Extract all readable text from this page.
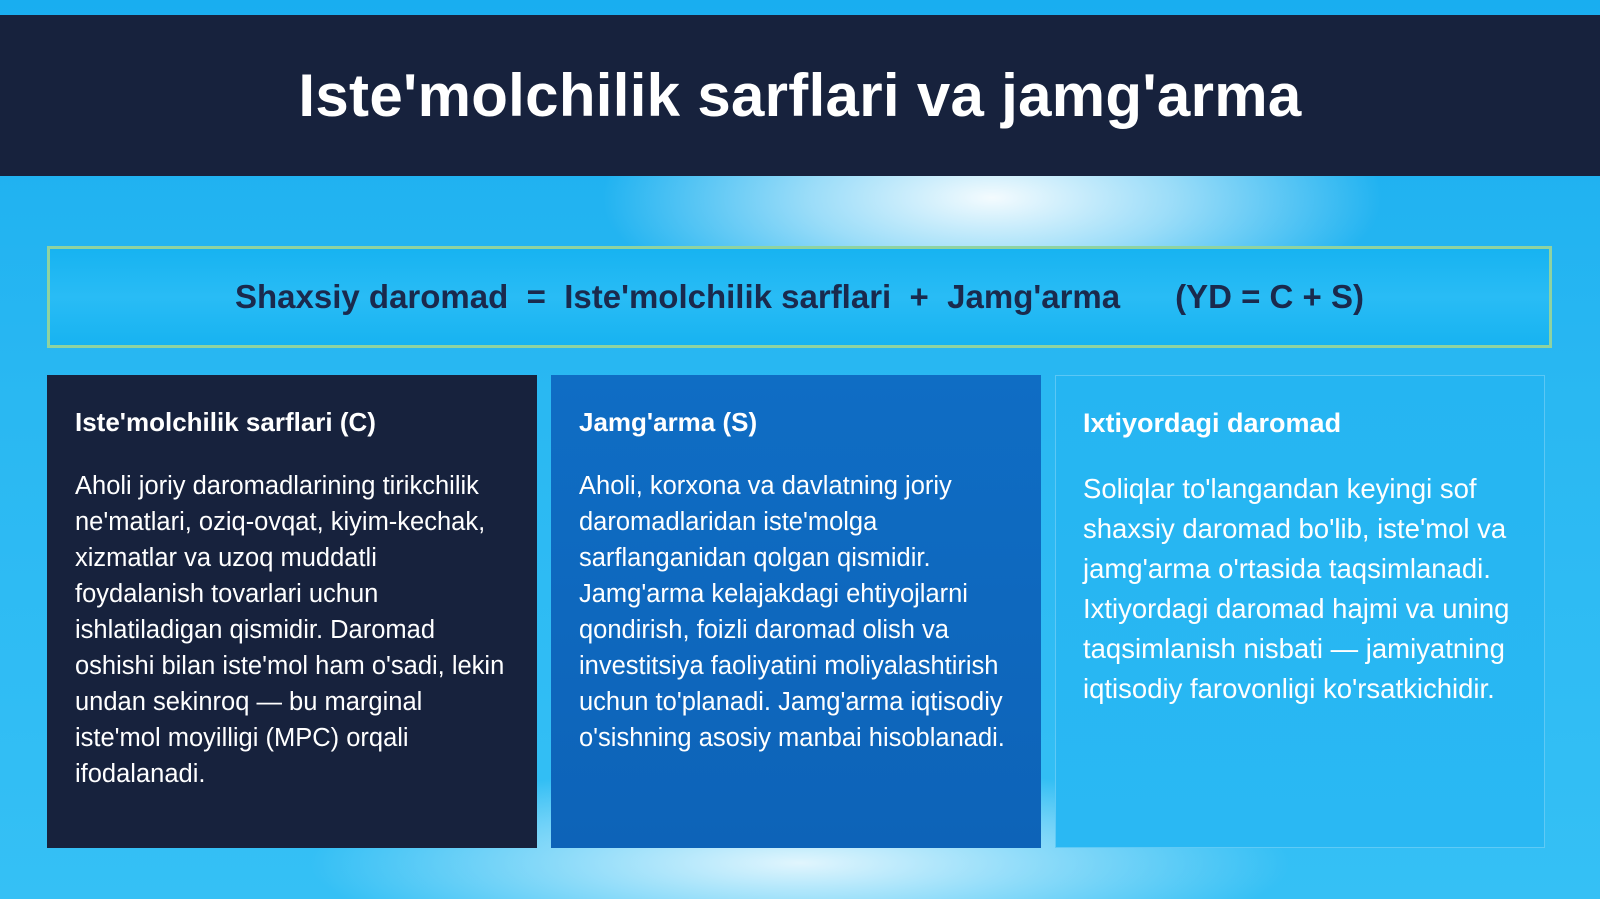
Iste'molchilik sarflari va jamg'arma
Shaxsiy daromad  =  Iste'molchilik sarflari  +  Jamg'arma      (YD = C + S)
Iste'molchilik sarflari (C)

Aholi joriy daromadlarining tirikchilik ne'matlari, oziq-ovqat, kiyim-kechak, xizmatlar va uzoq muddatli foydalanish tovarlari uchun ishlatiladigan qismidir. Daromad oshishi bilan iste'mol ham o'sadi, lekin undan sekinroq — bu marginal iste'mol moyilligi (MPC) orqali ifodalanadi.

Jamg'arma (S)

Aholi, korxona va davlatning joriy daromadlaridan iste'molga sarflanganidan qolgan qismidir. Jamg'arma kelajakdagi ehtiyojlarni qondirish, foizli daromad olish va investitsiya faoliyatini moliyalashtirish uchun to'planadi. Jamg'arma iqtisodiy o'sishning asosiy manbai hisoblanadi.

Ixtiyordagi daromad

Soliqlar to'langandan keyingi sof shaxsiy daromad bo'lib, iste'mol va jamg'arma o'rtasida taqsimlanadi. Ixtiyordagi daromad hajmi va uning taqsimlanish nisbati — jamiyatning iqtisodiy farovonligi ko'rsatkichidir.
